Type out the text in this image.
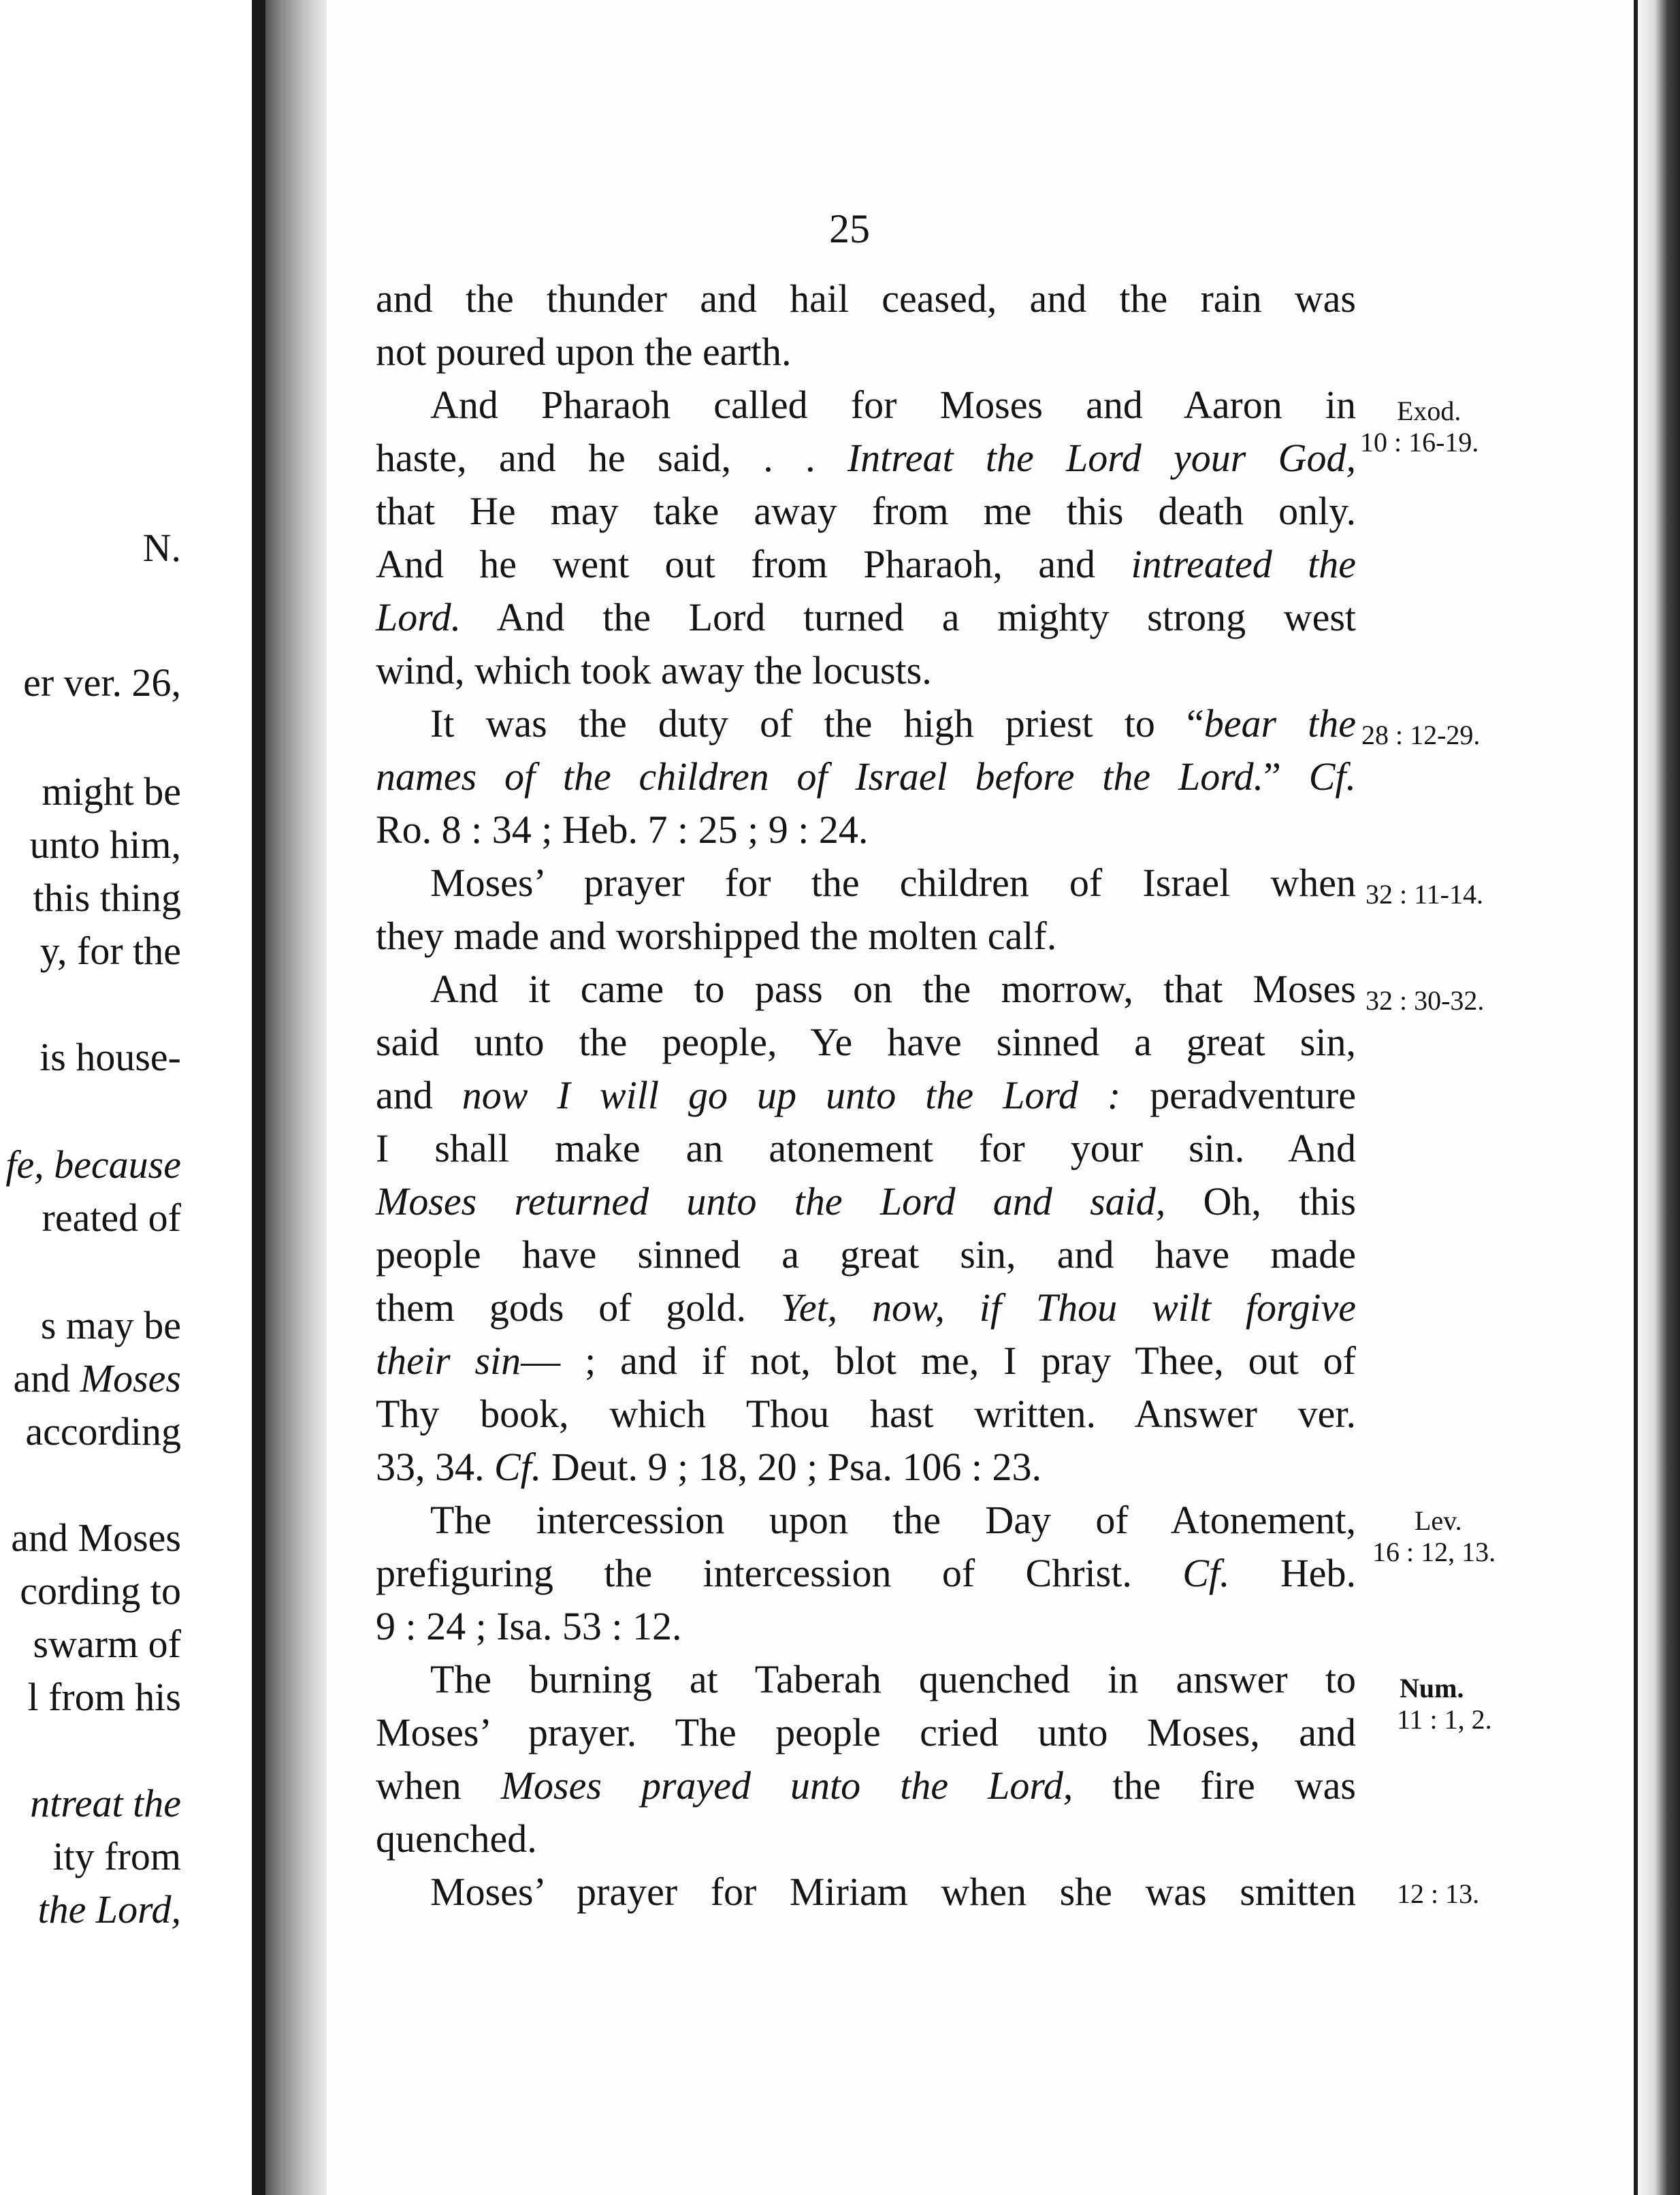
N.
er ver. 26,
might be
unto him,
this thing
y, for the
is house-
fe, because
reated of
s may be
and Moses
according
and Moses
cording to
swarm of
l from his
ntreat the
ity from
the Lord,
25
and the thunder and hail ceased, and the rain was
not poured upon the earth.
And Pharaoh called for Moses and Aaron in
haste, and he said, . . Intreat the Lord your God,
that He may take away from me this death only.
And he went out from Pharaoh, and intreated the
Lord. And the Lord turned a mighty strong west
wind, which took away the locusts.
It was the duty of the high priest to “bear the
names of the children of Israel before the Lord.” Cf.
Ro. 8 : 34 ; Heb. 7 : 25 ; 9 : 24.
Moses’ prayer for the children of Israel when
they made and worshipped the molten calf.
And it came to pass on the morrow, that Moses
said unto the people, Ye have sinned a great sin,
and now I will go up unto the Lord : peradventure
I shall make an atonement for your sin. And
Moses returned unto the Lord and said, Oh, this
people have sinned a great sin, and have made
them gods of gold. Yet, now, if Thou wilt forgive
their sin— ; and if not, blot me, I pray Thee, out of
Thy book, which Thou hast written. Answer ver.
33, 34. Cf. Deut. 9 ; 18, 20 ; Psa. 106 : 23.
The intercession upon the Day of Atonement,
prefiguring the intercession of Christ. Cf. Heb.
9 : 24 ; Isa. 53 : 12.
The burning at Taberah quenched in answer to
Moses’ prayer. The people cried unto Moses, and
when Moses prayed unto the Lord, the fire was
quenched.
Moses’ prayer for Miriam when she was smitten
Exod.
10 : 16-19.
28 : 12-29.
32 : 11-14.
32 : 30-32.
Lev.
16 : 12, 13.
Num.
11 : 1, 2.
12 : 13.
